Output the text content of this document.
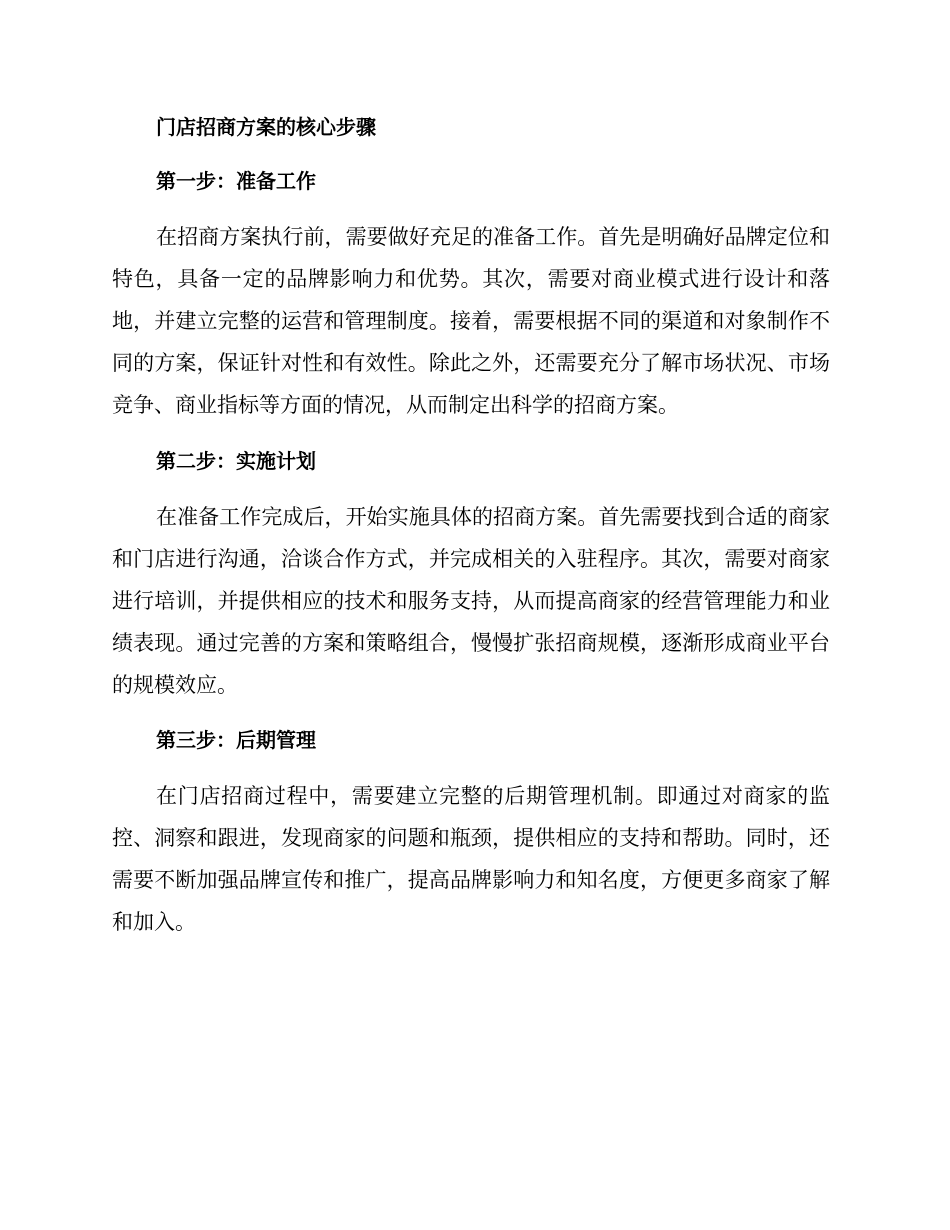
门店招商方案的核心步骤
第一步：准备工作

在招商方案执行前，需要做好充足的准备工作。首先是明确好品牌定位和特色，具备一定的品牌影响力和优势。其次，需要对商业模式进行设计和落地，并建立完整的运营和管理制度。接着，需要根据不同的渠道和对象制作不同的方案，保证针对性和有效性。除此之外，还需要充分了解市场状况、市场竞争、商业指标等方面的情况，从而制定出科学的招商方案。

第二步：实施计划

在准备工作完成后，开始实施具体的招商方案。首先需要找到合适的商家和门店进行沟通，洽谈合作方式，并完成相关的入驻程序。其次，需要对商家进行培训，并提供相应的技术和服务支持，从而提高商家的经营管理能力和业绩表现。通过完善的方案和策略组合，慢慢扩张招商规模，逐渐形成商业平台的规模效应。

第三步：后期管理

在门店招商过程中，需要建立完整的后期管理机制。即通过对商家的监控、洞察和跟进，发现商家的问题和瓶颈，提供相应的支持和帮助。同时，还需要不断加强品牌宣传和推广，提高品牌影响力和知名度，方便更多商家了解和加入。
